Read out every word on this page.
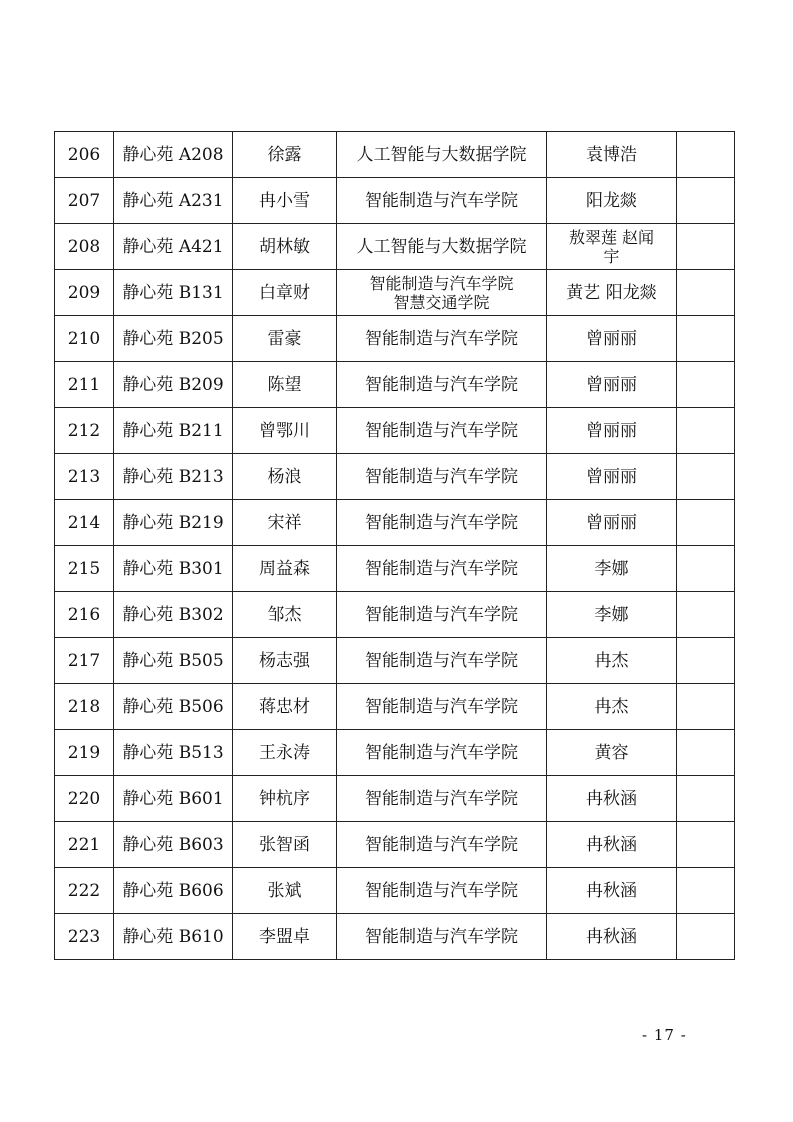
206	静心苑 A208	徐露	人工智能与大数据学院	袁博浩	

207	静心苑 A231	冉小雪	智能制造与汽车学院	阳龙燚	

208	静心苑 A421	胡林敏	人工智能与大数据学院	敖翠莲 赵闻
宇	

209	静心苑 B131	白章财	智能制造与汽车学院
智慧交通学院	黄艺 阳龙燚	

210	静心苑 B205	雷豪	智能制造与汽车学院	曾丽丽	

211	静心苑 B209	陈望	智能制造与汽车学院	曾丽丽	

212	静心苑 B211	曾鄂川	智能制造与汽车学院	曾丽丽	

213	静心苑 B213	杨浪	智能制造与汽车学院	曾丽丽	

214	静心苑 B219	宋祥	智能制造与汽车学院	曾丽丽	

215	静心苑 B301	周益森	智能制造与汽车学院	李娜	

216	静心苑 B302	邹杰	智能制造与汽车学院	李娜	

217	静心苑 B505	杨志强	智能制造与汽车学院	冉杰	

218	静心苑 B506	蒋忠材	智能制造与汽车学院	冉杰	

219	静心苑 B513	王永涛	智能制造与汽车学院	黄容	

220	静心苑 B601	钟杭序	智能制造与汽车学院	冉秋涵	

221	静心苑 B603	张智函	智能制造与汽车学院	冉秋涵	

222	静心苑 B606	张斌	智能制造与汽车学院	冉秋涵	

223	静心苑 B610	李盟卓	智能制造与汽车学院	冉秋涵	

- 17 -
